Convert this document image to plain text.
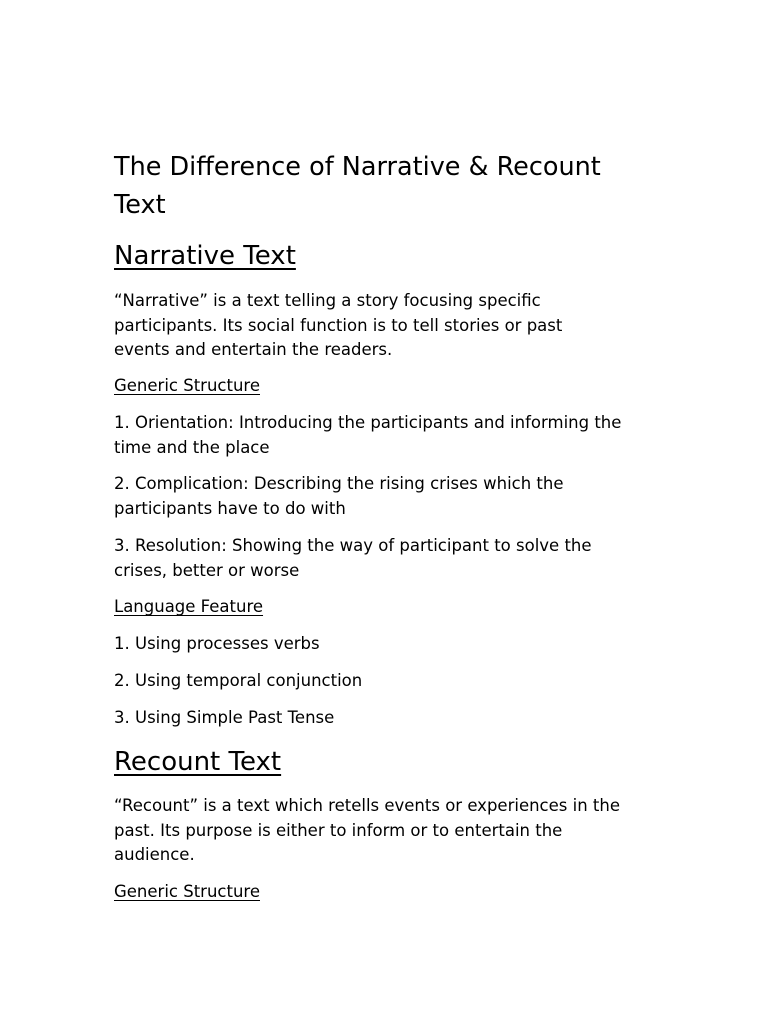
The Difference of Narrative & Recount
Text
Narrative Text

“Narrative” is a text telling a story focusing specific
participants. Its social function is to tell stories or past
events and entertain the readers.

Generic Structure

1. Orientation: Introducing the participants and informing the
time and the place

2. Complication: Describing the rising crises which the
participants have to do with

3. Resolution: Showing the way of participant to solve the
crises, better or worse

Language Feature

1. Using processes verbs

2. Using temporal conjunction

3. Using Simple Past Tense

Recount Text

“Recount” is a text which retells events or experiences in the
past. Its purpose is either to inform or to entertain the
audience.

Generic Structure
